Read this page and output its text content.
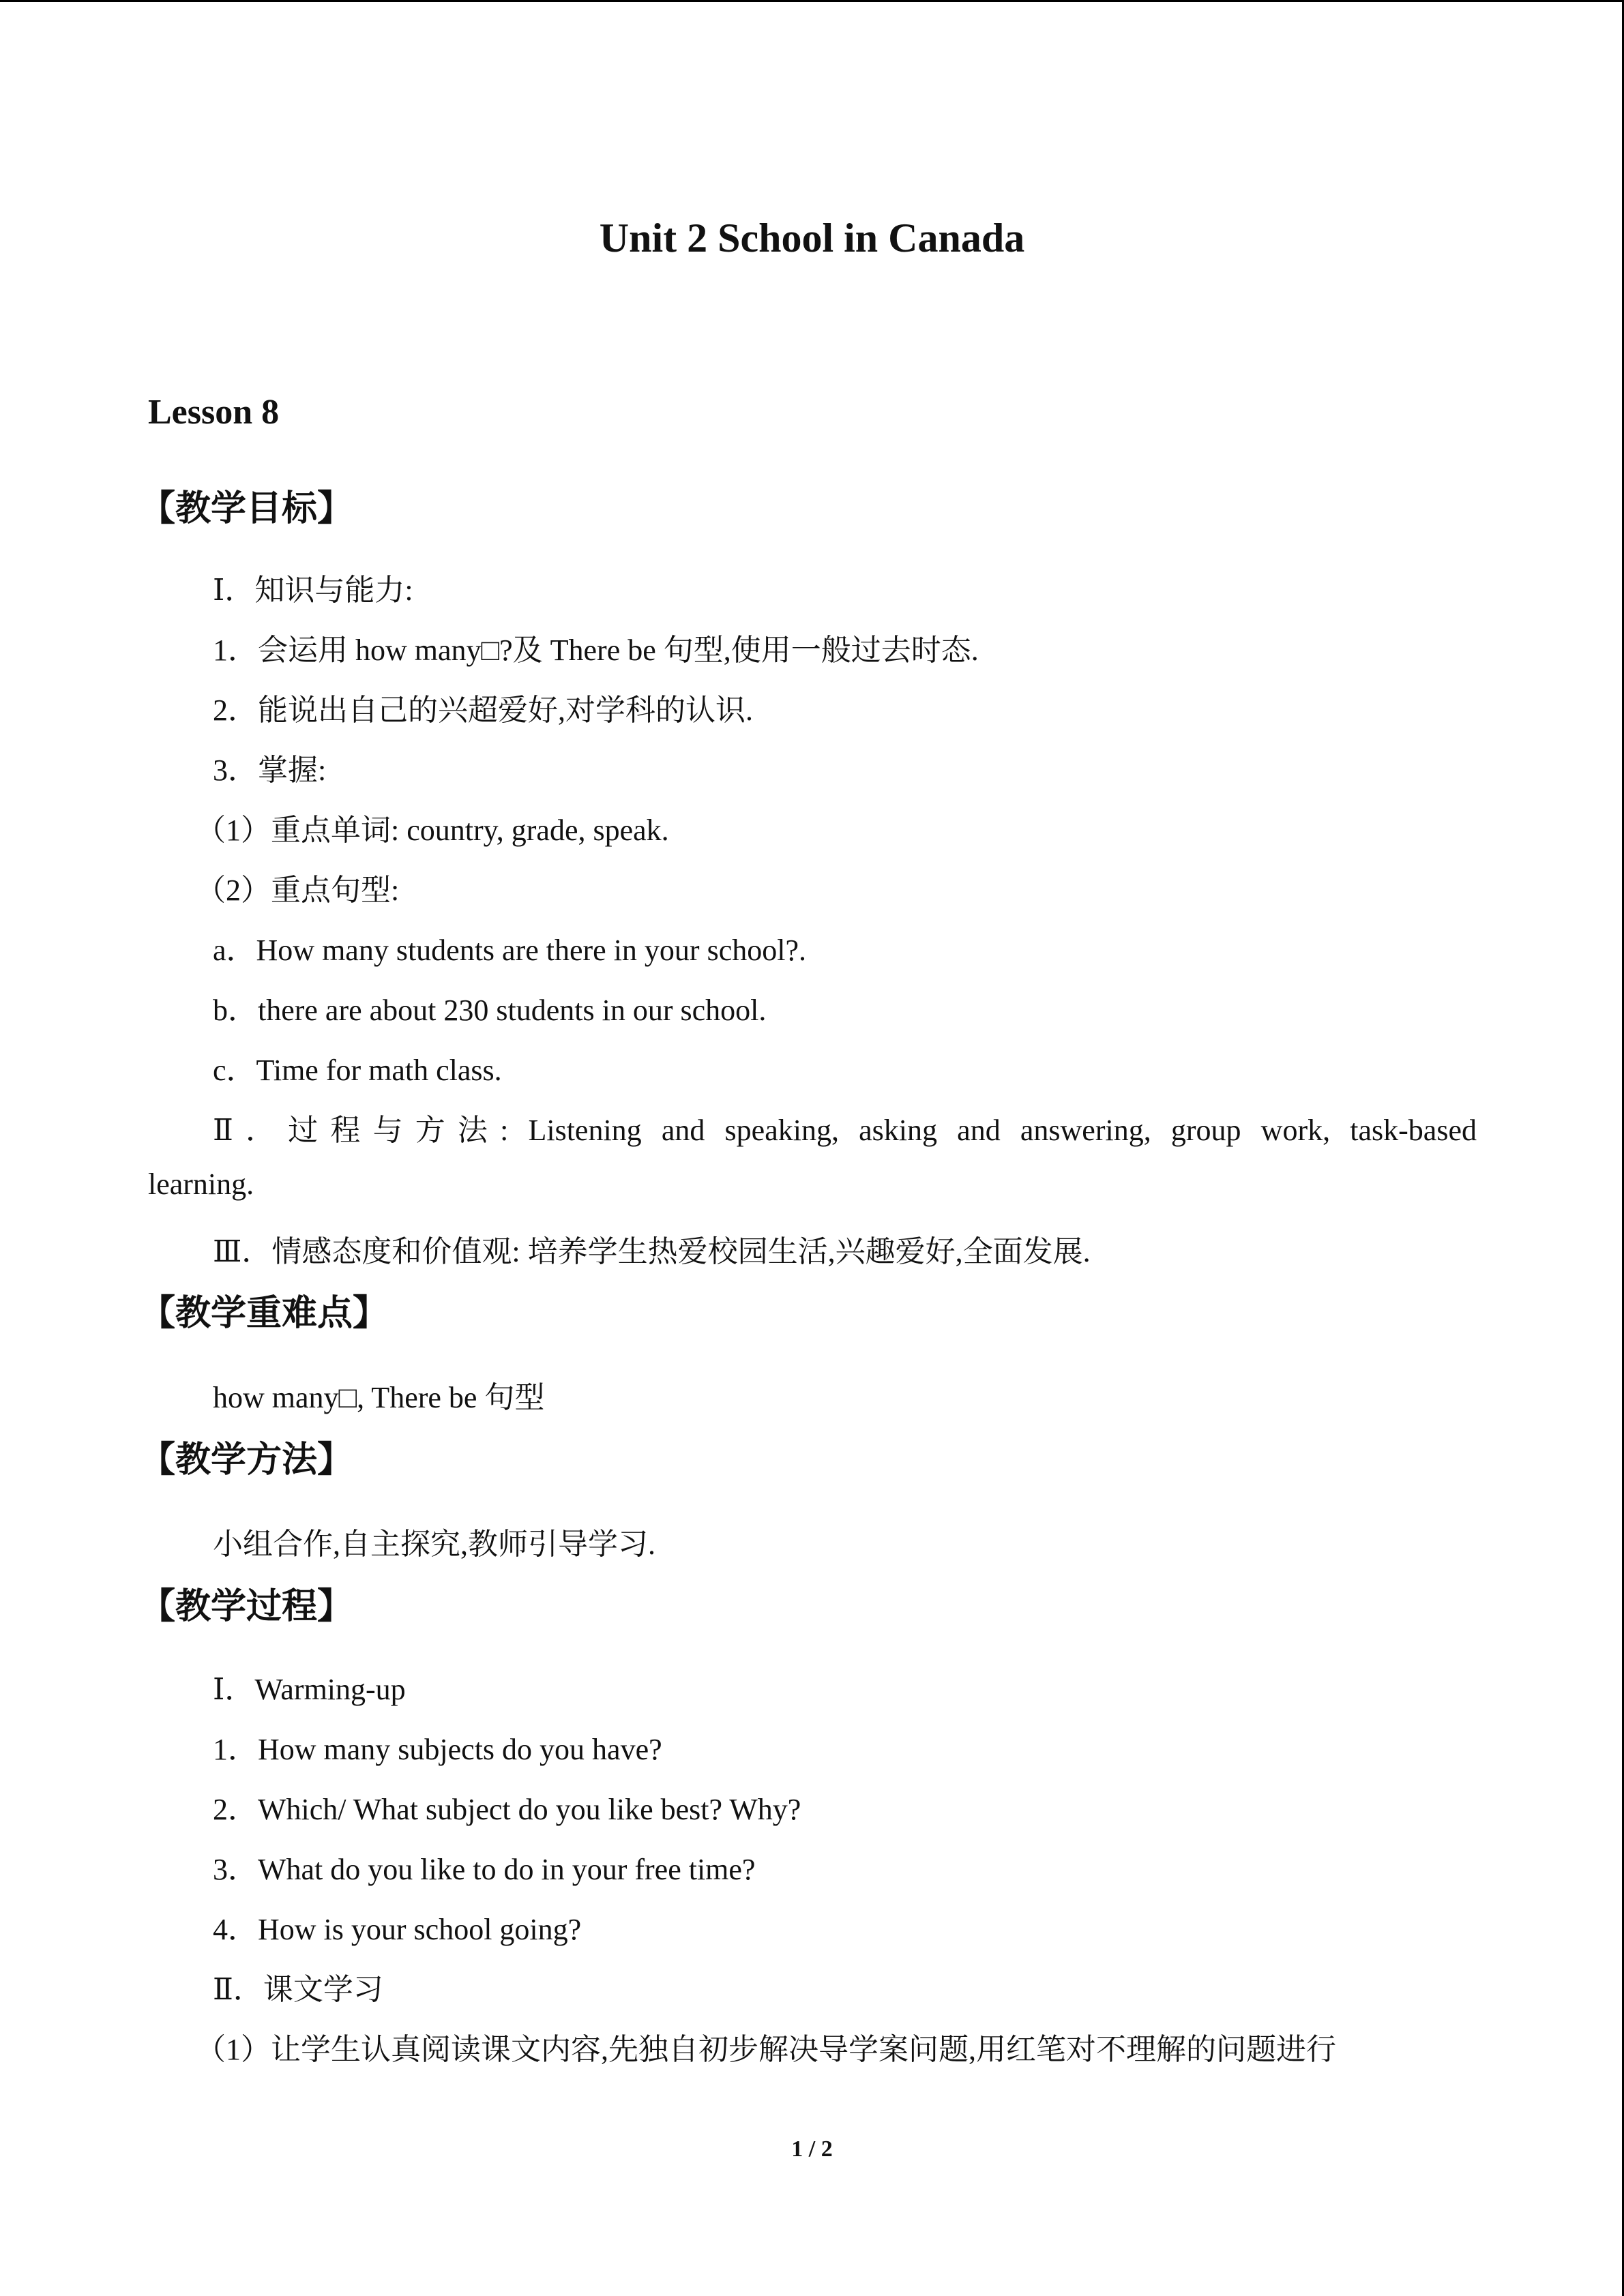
Unit 2 School in Canada
Lesson 8
【教学目标】
Ⅰ．知识与能力:
1．会运用 how many□?及 There be 句型,使用一般过去时态.
2．能说出自己的兴超爱好,对学科的认识.
3．掌握:
（1）重点单词: country, grade, speak.
（2）重点句型:
a．How many students are there in your school?.
b．there are about 230 students in our school.
c．Time for math class.
Ⅱ．过程与方法: Listening and speaking, asking and answering, group work, task-based
learning.
Ⅲ．情感态度和价值观: 培养学生热爱校园生活,兴趣爱好,全面发展.
【教学重难点】
how many□, There be 句型
【教学方法】
小组合作,自主探究,教师引导学习.
【教学过程】
Ⅰ．Warming-up
1．How many subjects do you have?
2．Which/ What subject do you like best? Why?
3．What do you like to do in your free time?
4．How is your school going?
Ⅱ．课文学习
（1）让学生认真阅读课文内容,先独自初步解决导学案问题,用红笔对不理解的问题进行
1 / 2
